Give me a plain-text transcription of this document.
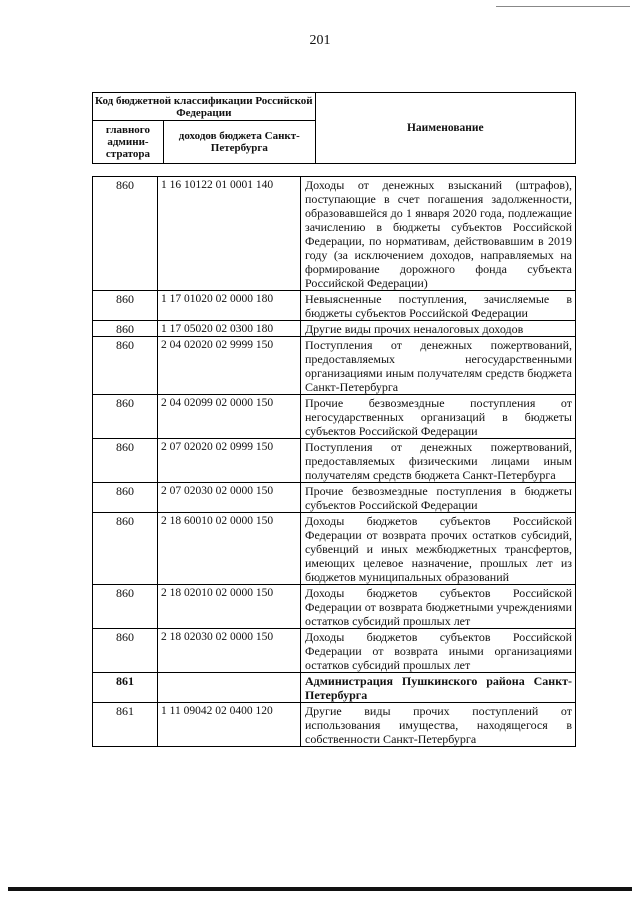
201
Код бюджетной классификации Российской Федерации		Наименование
главного админи-стратора	доходов бюджета Санкт-Петербурга	
860	1 16 10122 01 0001 140	Доходы от денежных взысканий (штрафов), поступающие в счет погашения задолженности, образовавшейся до 1 января 2020 года, подлежащие зачислению в бюджеты субъектов Российской Федерации, по нормативам, действовавшим в 2019 году (за исключением доходов, направляемых на формирование дорожного фонда субъекта Российской Федерации)
860	1 17 01020 02 0000 180	Невыясненные поступления, зачисляемые в бюджеты субъектов Российской Федерации
860	1 17 05020 02 0300 180	Другие виды прочих неналоговых доходов
860	2 04 02020 02 9999 150	Поступления от денежных пожертвований, предоставляемых негосударственными организациями иным получателям средств бюджета Санкт-Петербурга
860	2 04 02099 02 0000 150	Прочие безвозмездные поступления от негосударственных организаций в бюджеты субъектов Российской Федерации
860	2 07 02020 02 0999 150	Поступления от денежных пожертвований, предоставляемых физическими лицами иным получателям средств бюджета Санкт-Петербурга
860	2 07 02030 02 0000 150	Прочие безвозмездные поступления в бюджеты субъектов Российской Федерации
860	2 18 60010 02 0000 150	Доходы бюджетов субъектов Российской Федерации от возврата прочих остатков субсидий, субвенций и иных межбюджетных трансфертов, имеющих целевое назначение, прошлых лет из бюджетов муниципальных образований
860	2 18 02010 02 0000 150	Доходы бюджетов субъектов Российской Федерации от возврата бюджетными учреждениями остатков субсидий прошлых лет
860	2 18 02030 02 0000 150	Доходы бюджетов субъектов Российской Федерации от возврата иными организациями остатков субсидий прошлых лет
861		Администрация Пушкинского района Санкт-Петербурга
861	1 11 09042 02 0400 120	Другие виды прочих поступлений от использования имущества, находящегося в собственности Санкт-Петербурга
